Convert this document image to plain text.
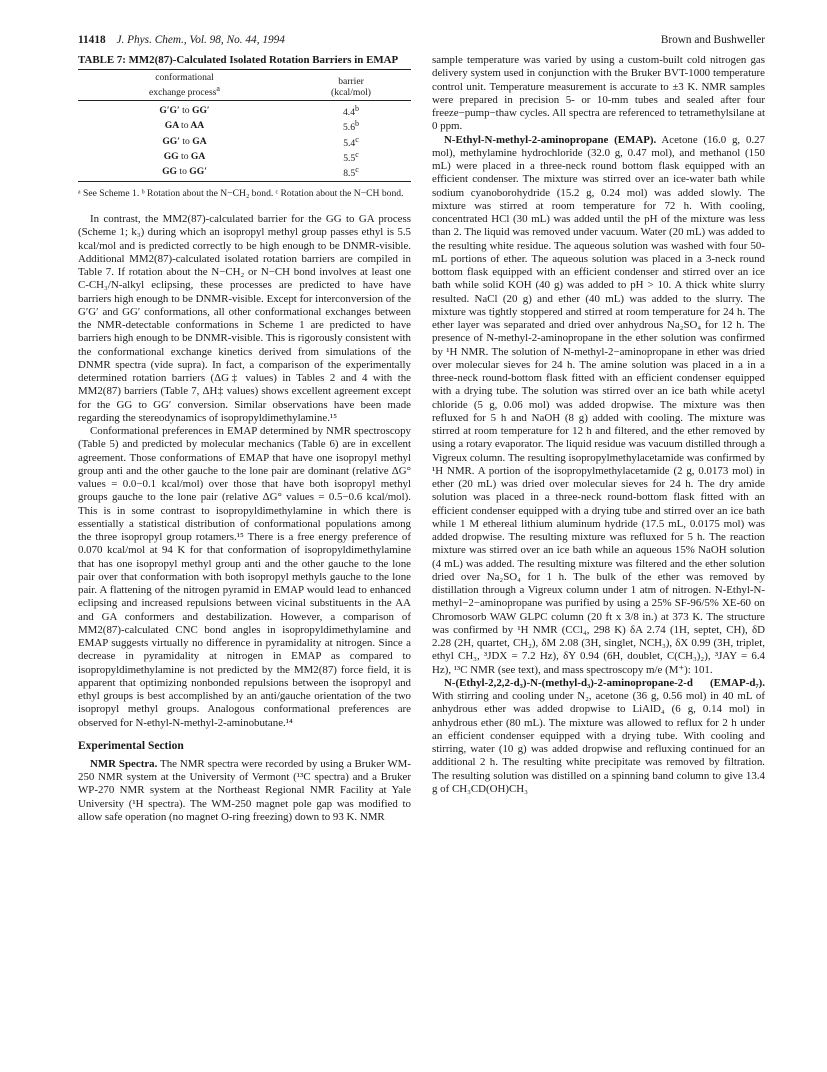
11418 J. Phys. Chem., Vol. 98, No. 44, 1994	Brown and Bushweller

TABLE 7: MM2(87)-Calculated Isolated Rotation Barriers in EMAP

conformational
exchange process$^a$	barrier
(kcal/mol)
G′G′ to GG′	4.4$^b$
GA to AA	5.6$^b$
GG′ to GA	5.4$^c$
GG to GA	5.5$^c$
GG to GG′	8.5$^c$
ᵃ See Scheme 1. ᵇ Rotation about the N−CH₂ bond. ᶜ Rotation about the N−CH bond.

In contrast, the MM2(87)-calculated barrier for the GG to GA process (Scheme 1; k₃) during which an isopropyl methyl group passes ethyl is 5.5 kcal/mol and is predicted correctly to be high enough to be DNMR-visible. Additional MM2(87)-calculated isolated rotation barriers are compiled in Table 7. If rotation about the N−CH₂ or N−CH bond involves at least one C-CH₃/N-alkyl eclipsing, these processes are predicted to have have barriers high enough to be DNMR-visible. Except for interconversion of the G′G′ and GG′ conformations, all other conformational exchanges between the NMR-detectable conformations in Scheme 1 are predicted to have barriers high enough to be DNMR-visible. This is rigorously consistent with the conformational exchange kinetics derived from simulations of the DNMR spectra (vide supra). In fact, a comparison of the experimentally determined rotation barriers (ΔG‡ values) in Tables 2 and 4 with the MM2(87) barriers (Table 7, ΔH‡ values) shows excellent agreement except for the GG to GG′ conversion. Similar observations have been made regarding the stereodynamics of isopropyldimethylamine.¹⁵

Conformational preferences in EMAP determined by NMR spectroscopy (Table 5) and predicted by molecular mechanics (Table 6) are in excellent agreement. Those conformations of EMAP that have one isopropyl methyl group anti and the other gauche to the lone pair are dominant (relative ΔG° values = 0.0−0.1 kcal/mol) over those that have both isopropyl methyl groups gauche to the lone pair (relative ΔG° values = 0.5−0.6 kcal/mol). This is in some contrast to isopropyldimethylamine in which there is essentially a statistical distribution of conformational populations among the three isopropyl group rotamers.¹⁵ There is a free energy preference of 0.070 kcal/mol at 94 K for that conformation of isopropyldimethylamine that has one isopropyl methyl group anti and the other gauche to the lone pair over that conformation with both isopropyl methyls gauche to the lone pair. A flattening of the nitrogen pyramid in EMAP would lead to enhanced eclipsing and increased repulsions between vicinal substituents in the AA and GA conformers and destabilization. However, a comparison of MM2(87)-calculated CNC bond angles in isopropyldimethylamine and EMAP suggests virtually no difference in pyramidality at nitrogen. Since a decrease in pyramidality at nitrogen in EMAP as compared to isopropyldimethylamine is not predicted by the MM2(87) force field, it is apparent that optimizing nonbonded repulsions between the isopropyl and ethyl groups is best accomplished by an anti/gauche orientation of the two isopropyl methyl groups. Analogous conformational preferences are observed for N-ethyl-N-methyl-2-aminobutane.¹⁴

Experimental Section

NMR Spectra. The NMR spectra were recorded by using a Bruker WM-250 NMR system at the University of Vermont (¹³C spectra) and a Bruker WP-270 NMR system at the Northeast Regional NMR Facility at Yale University (¹H spectra). The WM-250 magnet pole gap was modified to allow safe operation (no magnet O-ring freezing) down to 93 K. NMR

sample temperature was varied by using a custom-built cold nitrogen gas delivery system used in conjunction with the Bruker BVT-1000 temperature control unit. Temperature measurement is accurate to ±3 K. NMR samples were prepared in precision 5- or 10-mm tubes and sealed after four freeze−pump−thaw cycles. All spectra are referenced to tetramethylsilane at 0 ppm.

N-Ethyl-N-methyl-2-aminopropane (EMAP). Acetone (16.0 g, 0.27 mol), methylamine hydrochloride (32.0 g, 0.47 mol), and methanol (150 mL) were placed in a three-neck round bottom flask equipped with an efficient condenser. The mixture was stirred over an ice-water bath while sodium cyanoborohydride (15.2 g, 0.24 mol) was added slowly. The mixture was stirred at room temperature for 72 h. With cooling, concentrated HCl (30 mL) was added until the pH of the mixture was less than 2. The liquid was removed under vacuum. Water (20 mL) was added to the resulting white residue. The aqueous solution was washed with four 50-mL portions of ether. The aqueous solution was placed in a 3-neck round bottom flask equipped with an efficient condenser and stirred over an ice bath while solid KOH (40 g) was added to pH > 10. A thick white slurry resulted. NaCl (20 g) and ether (40 mL) was added to the slurry. The mixture was tightly stoppered and stirred at room temperature for 24 h. The ether layer was separated and dried over anhydrous Na₂SO₄ for 12 h. The presence of N-methyl-2-aminopropane in the ether solution was confirmed by ¹H NMR. The solution of N-methyl-2−aminopropane in ether was dried over molecular sieves for 24 h. The amine solution was placed in a in a three-neck round-bottom flask fitted with an efficient condenser equipped with a drying tube. The solution was stirred over an ice bath while acetyl chloride (5 g, 0.06 mol) was added dropwise. The mixture was then refluxed for 5 h and NaOH (8 g) added with cooling. The mixture was stirred at room temperature for 12 h and filtered, and the ether removed by using a rotary evaporator. The liquid residue was vacuum distilled through a Vigreux column. The resulting isopropylmethylacetamide was confirmed by ¹H NMR. A portion of the isopropylmethylacetamide (2 g, 0.0173 mol) in ether (20 mL) was dried over molecular sieves for 24 h. The dry amide solution was placed in a three-neck round-bottom flask fitted with an efficient condenser equipped with a drying tube and stirred over an ice bath while 1 M ethereal lithium aluminum hydride (17.5 mL, 0.0175 mol) was added dropwise. The resulting mixture was refluxed for 5 h. The reaction mixture was stirred over an ice bath while an aqueous 15% NaOH solution (4 mL) was added. The resulting mixture was filtered and the ether solution dried over Na₂SO₄ for 1 h. The bulk of the ether was removed by distillation through a Vigreux column under 1 atm of nitrogen. N-Ethyl-N-methyl−2−aminopropane was purified by using a 25% SF-96/5% XE-60 on Chromosorb WAW GLPC column (20 ft x 3/8 in.) at 373 K. The structure was confirmed by ¹H NMR (CCl₄, 298 K) δA 2.74 (1H, septet, CH), δD 2.28 (2H, quartet, CH₂), δM 2.08 (3H, singlet, NCH₃), δX 0.99 (3H, triplet, ethyl CH₃, ³JDX = 7.2 Hz), δY 0.94 (6H, doublet, C(CH₃)₂), ³JAY = 6.4 Hz), ¹³C NMR (see text), and mass spectroscopy m/e (M⁺): 101.

N-(Ethyl-2,2,2-d₃)-N-(methyl-d₃)-2-aminopropane-2-d (EMAP-d₇). With stirring and cooling under N₂, acetone (36 g, 0.56 mol) in 40 mL of anhydrous ether was added dropwise to LiAlD₄ (6 g, 0.14 mol) in anhydrous ether (80 mL). The mixture was allowed to reflux for 2 h under an efficient condenser equipped with a drying tube. With cooling and stirring, water (10 g) was added dropwise and refluxing continued for an additional 2 h. The resulting white precipitate was removed by filtration. The resulting solution was distilled on a spinning band column to give 13.4 g of CH₃CD(OH)CH₃
